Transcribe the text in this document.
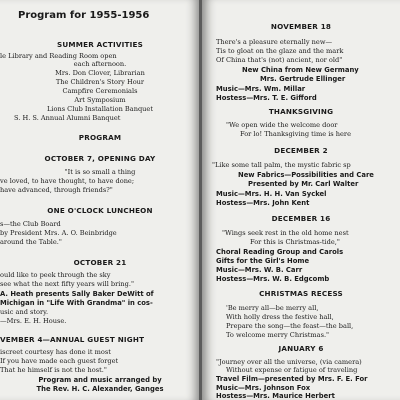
Program for 1955-1956
SUMMER ACTIVITIES
le Library and Reading Room open
each afternoon.
Mrs. Don Clover, Librarian
The Children's Story Hour
Campfire Ceremonials
Art Symposium
Lions Club Installation Banquet
S. H. S. Annual Alumni Banquet
PROGRAM
OCTOBER 7, OPENING DAY
"It is so small a thing
ve loved, to have thought, to have done;
have advanced, through friends?"
ONE O'CLOCK LUNCHEON
s—the Club Board
by President Mrs. A. O. Beinbridge
around the Table."
OCTOBER 21
ould like to peek through the sky
see what the next fifty years will bring."
A. Heath presents Sally Baker DeWitt of
Michigan in "Life With Grandma" in cos-
usic and story.
—Mrs. E. H. House.
VEMBER 4—ANNUAL GUEST NIGHT
iscreet courtesy has done it most
If you have made each guest forget
That he himself is not the host."
Program and music arranged by
The Rev. H. C. Alexander, Ganges
NOVEMBER 18
There's a pleasure eternally new—
Tis to gloat on the glaze and the mark
Of China that's (not) ancient, nor old"
New China from New Germany
Mrs. Gertrude Ellinger
Music—Mrs. Wm. Millar
Hostess—Mrs. T. E. Gifford
THANKSGIVING
"We open wide the welcome door
For lo! Thanksgiving time is here
DECEMBER 2
"Like some tall palm, the mystic fabric sp
New Fabrics—Possibilities and Care
Presented by Mr. Carl Walter
Music—Mrs. H. H. Van Syckel
Hostess—Mrs. John Kent
DECEMBER 16
"Wings seek rest in the old home nest
For this is Christmas-tide,"
Choral Reading Group and Carols
Gifts for the Girl's Home
Music—Mrs. W. B. Carr
Hostess—Mrs. W. B. Edgcomb
CHRISTMAS RECESS
'Be merry all—be merry all,
With holly dress the festive hall,
Prepare the song—the feast—the ball,
To welcome merry Christmas."
JANUARY 6
"Journey over all the universe, (via camera)
Without expense or fatigue of traveling
Travel Film—presented by Mrs. F. E. For
Music—Mrs. Johnson Fox
Hostess—Mrs. Maurice Herbert
